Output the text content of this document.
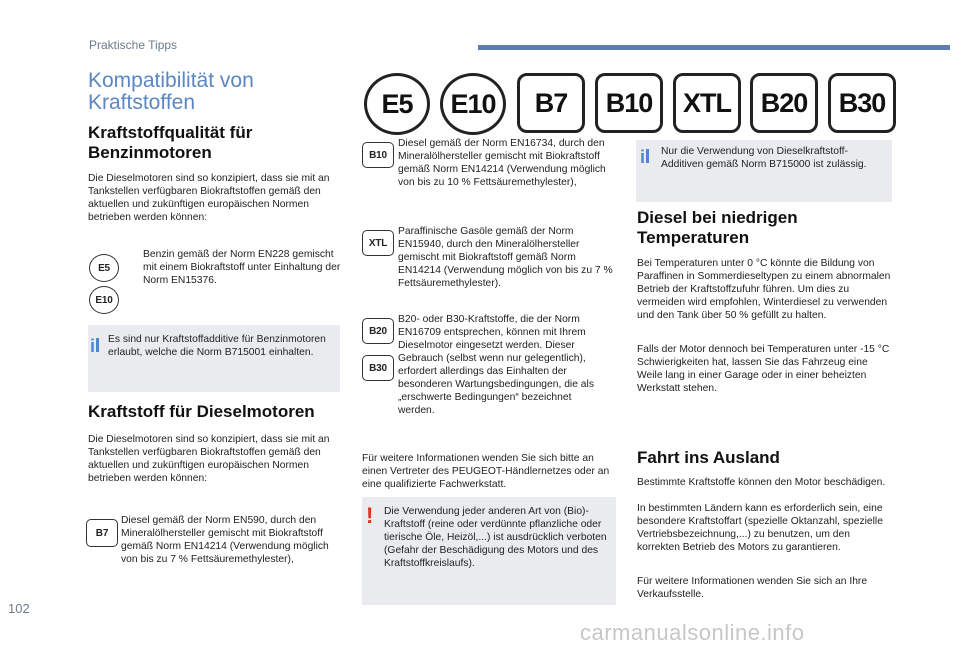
Praktische Tipps
Kompatibilität von Kraftstoffen	E5	E10	B7	B10	XTL	B20	B30
Kraftstoffqualität für Benzinmotoren
Die Dieselmotoren sind so konzipiert, dass sie mit an Tankstellen verfügbaren Biokraftstoffen gemäß den aktuellen und zukünftigen europäischen Normen betrieben werden können:
E5
E10
Benzin gemäß der Norm EN228 gemischt mit einem Biokraftstoff unter Einhaltung der Norm EN15376.
i Es sind nur Kraftstoffadditive für Benzinmotoren erlaubt, welche die Norm B715001 einhalten.
Kraftstoff für Dieselmotoren
Die Dieselmotoren sind so konzipiert, dass sie mit an Tankstellen verfügbaren Biokraftstoffen gemäß den aktuellen und zukünftigen europäischen Normen betrieben werden können:
B7
Diesel gemäß der Norm EN590, durch den Mineralölhersteller gemischt mit Biokraftstoff gemäß Norm EN14214 (Verwendung möglich von bis zu 7 % Fettsäuremethylester),
B10
Diesel gemäß der Norm EN16734, durch den Mineralölhersteller gemischt mit Biokraftstoff gemäß Norm EN14214 (Verwendung möglich von bis zu 10 % Fettsäuremethylester),
XTL
Paraffinische Gasöle gemäß der Norm EN15940, durch den Mineralölhersteller gemischt mit Biokraftstoff gemäß Norm EN14214 (Verwendung möglich von bis zu 7 % Fettsäuremethylester).
B20
B30
B20- oder B30-Kraftstoffe, die der Norm EN16709 entsprechen, können mit Ihrem Dieselmotor eingesetzt werden. Dieser Gebrauch (selbst wenn nur gelegentlich), erfordert allerdings das Einhalten der besonderen Wartungsbedingungen, die als „erschwerte Bedingungen“ bezeichnet werden.
Für weitere Informationen wenden Sie sich bitte an einen Vertreter des PEUGEOT-Händlernetzes oder an eine qualifizierte Fachwerkstatt.
! Die Verwendung jeder anderen Art von (Bio)-Kraftstoff (reine oder verdünnte pflanzliche oder tierische Öle, Heizöl,...) ist ausdrücklich verboten (Gefahr der Beschädigung des Motors und des Kraftstoffkreislaufs).
i Nur die Verwendung von Dieselkraftstoff-Additiven gemäß Norm B715000 ist zulässig.
Diesel bei niedrigen Temperaturen
Bei Temperaturen unter 0 °C könnte die Bildung von Paraffinen in Sommerdieseltypen zu einem abnormalen Betrieb der Kraftstoffzufuhr führen. Um dies zu vermeiden wird empfohlen, Winterdiesel zu verwenden und den Tank über 50 % gefüllt zu halten.
Falls der Motor dennoch bei Temperaturen unter -15 °C Schwierigkeiten hat, lassen Sie das Fahrzeug eine Weile lang in einer Garage oder in einer beheizten Werkstatt stehen.
Fahrt ins Ausland
Bestimmte Kraftstoffe können den Motor beschädigen.
In bestimmten Ländern kann es erforderlich sein, eine besondere Kraftstoffart (spezielle Oktanzahl, spezielle Vertriebsbezeichnung,...) zu benutzen, um den korrekten Betrieb des Motors zu garantieren.
Für weitere Informationen wenden Sie sich an Ihre Verkaufsstelle.
102
carmanualsonline.info
